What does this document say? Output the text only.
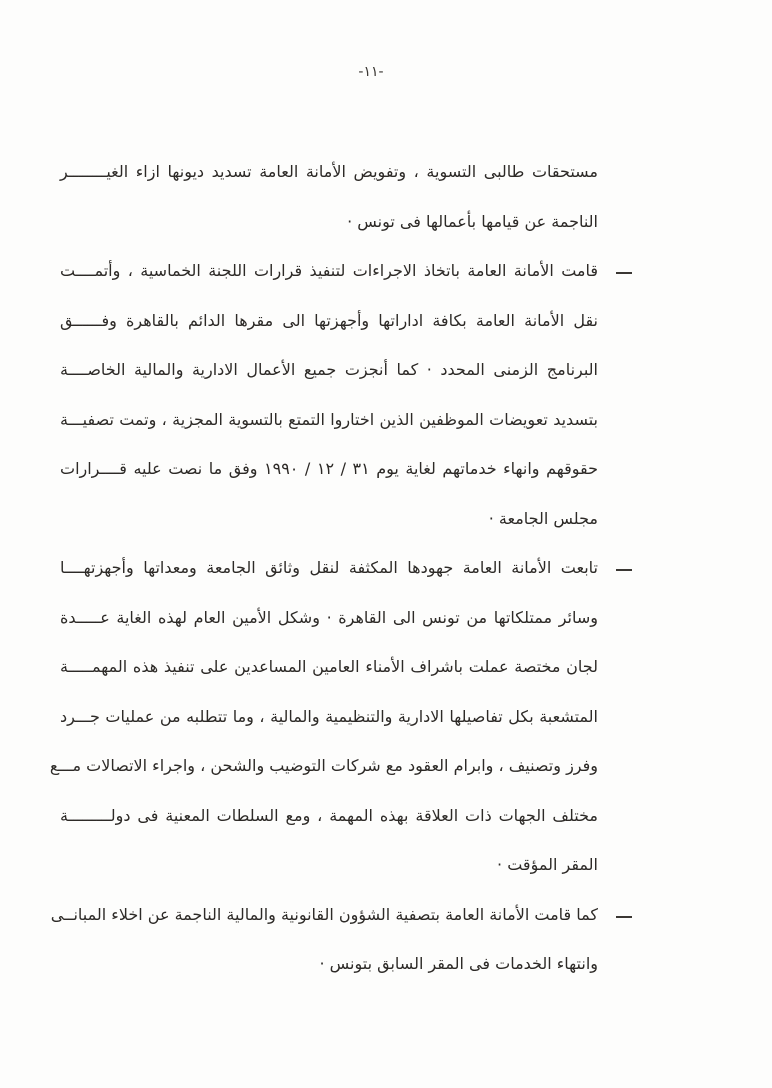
-١١-
مستحقات طالبى التسوية ، وتفويض الأمانة العامة تسديد ديونها ازاء الغيــــــــر
الناجمة عن قيامها بأعمالها فى تونس ·
قامت الأمانة العامة باتخاذ الاجراءات لتنفيذ قرارات اللجنة الخماسية ، وأتمــــت
نقل الأمانة العامة بكافة اداراتها وأجهزتها الى مقرها الدائم بالقاهرة وفــــــق
البرنامج الزمنى المحدد · كما أنجزت جميع الأعمال الادارية والمالية الخاصــــة
بتسديد تعويضات الموظفين الذين اختاروا التمتع بالتسوية المجزية ، وتمت تصفيـــة
حقوقهم وانهاء خدماتهم لغاية يوم ٣١ / ١٢ / ١٩٩٠ وفق ما نصت عليه قــــرارات
مجلس الجامعة ·
تابعت الأمانة العامة جهودها المكثفة لنقل وثائق الجامعة ومعداتها وأجهزتهــــا
وسائر ممتلكاتها من تونس الى القاهرة · وشكل الأمين العام لهذه الغاية عـــــدة
لجان مختصة عملت باشراف الأمناء العامين المساعدين على تنفيذ هذه المهمـــــة
المتشعبة بكل تفاصيلها الادارية والتنظيمية والمالية ، وما تتطلبه من عمليات جـــرد
وفرز وتصنيف ، وابرام العقود مع شركات التوضيب والشحن ، واجراء الاتصالات مـــع
مختلف الجهات ذات العلاقة بهذه المهمة ، ومع السلطات المعنية فى دولـــــــــة
المقر المؤقت ·
كما قامت الأمانة العامة بتصفية الشؤون القانونية والمالية الناجمة عن اخلاء المبانــى
وانتهاء الخدمات فى المقر السابق بتونس ·
